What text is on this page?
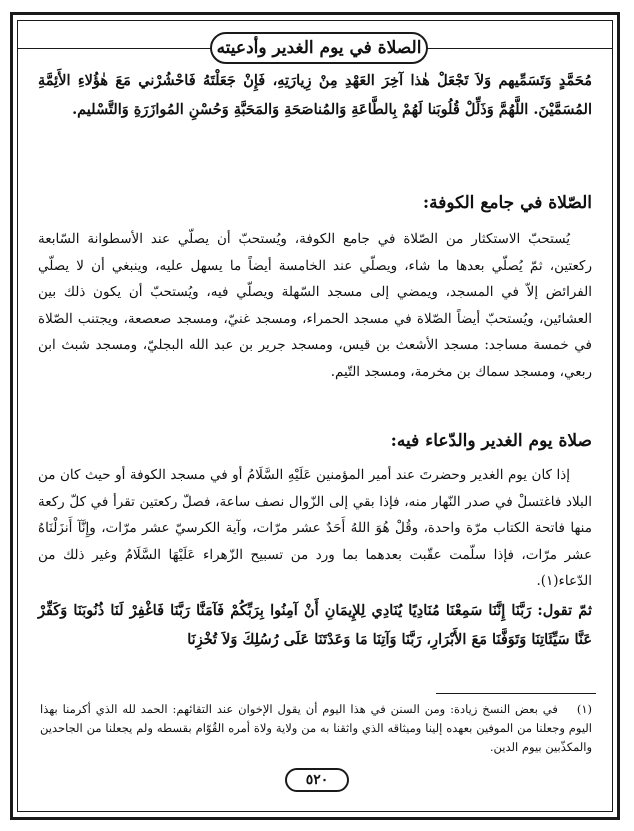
الصلاة في يوم الغدير وأدعيته

مُحَمَّدٍ وَتَسَمِّيهم وَلاَ تَجْعَلْ هٰذا آخِرَ العَهْدِ مِنْ زِيارَتِهِ، فَإِنْ جَعَلْتَهُ فَاحْشُرْني مَعَ هٰؤُلاءِ الأَئِمَّةِ المُسَمَّيْنَ. اللَّهُمَّ وَذَلِّلْ قُلُوبَنا لَهُمْ بِالطَّاعَةِ وَالمُناصَحَةِ وَالمَحَبَّةِ وَحُسْنِ المُوازَرَةِ وَالتَّسْليم.

الصّلاة في جامع الكوفة:

يُستحبّ الاستكثار من الصّلاة في جامع الكوفة، ويُستحبّ أن يصلّي عند الأسطوانة السّابعة ركعتين، ثمّ يُصلّي بعدها ما شاء، ويصلّي عند الخامسة أيضاً ما يسهل عليه، وينبغي أن لا يصلّي الفرائض إلاّ في المسجد، ويمضي إلى مسجد السّهلة ويصلّي فيه، ويُستحبّ أن يكون ذلك بين العشائين، ويُستحبّ أيضاً الصّلاة في مسجد الحمراء، ومسجد غنيّ، ومسجد صعصعة، ويجتنب الصّلاة في خمسة مساجد: مسجد الأشعث بن قيس، ومسجد جرير بن عبد الله البجليّ، ومسجد شبث ابن ربعي، ومسجد سماك بن مخرمة، ومسجد التّيم.

صلاة يوم الغدير والدّعاء فيه:

إذا كان يوم الغدير وحضرتَ عند أمير المؤمنين عَلَيْهِ السَّلَامُ أو في مسجد الكوفة أو حيث كان من البلاد فاغتسلْ في صدر النّهار منه، فإذا بقي إلى الزّوال نصف ساعة، فصلّ ركعتين تقرأ في كلّ ركعة منها فاتحة الكتاب مرّة واحدة، وقُلْ هُوَ اللهُ أَحَدٌ عشر مرّات، وآية الكرسيّ عشر مرّات، وإِنَّآ أَنزَلْنَاهُ عشر مرّات، فإذا سلّمت عقّبت بعدهما بما ورد من تسبيح الزّهراء عَلَيْهَا السَّلَامُ وغير ذلك من الدّعاء(١).

ثمّ تقول: رَبَّنَا إِنَّنَا سَمِعْنَا مُنَادِيًا يُنَادِي لِلإِيمَانِ أَنْ آمِنُوا بِرَبِّكُمْ فَآمَنَّا رَبَّنَا فَاغْفِرْ لَنَا ذُنُوبَنَا وَكَفِّرْ عَنَّا سَيِّئَاتِنَا وَتَوَفَّنَا مَعَ الأَبْرَارِ، رَبَّنَا وَآتِنَا مَا وَعَدْتَنَا عَلَى رُسُلِكَ وَلاَ تُخْزِنَا

(١) في بعض النسخ زيادة: ومن السنن في هذا اليوم أن يقول الإخوان عند التقائهم: الحمد لله الذي أكرمنا بهذا اليوم وجعلنا من الموفين بعهده إلينا وميثاقه الذي واثقنا به من ولاية ولاة أمره القُوّام بقسطه ولم يجعلنا من الجاحدين والمكذّبين بيوم الدين.
٥٢٠
